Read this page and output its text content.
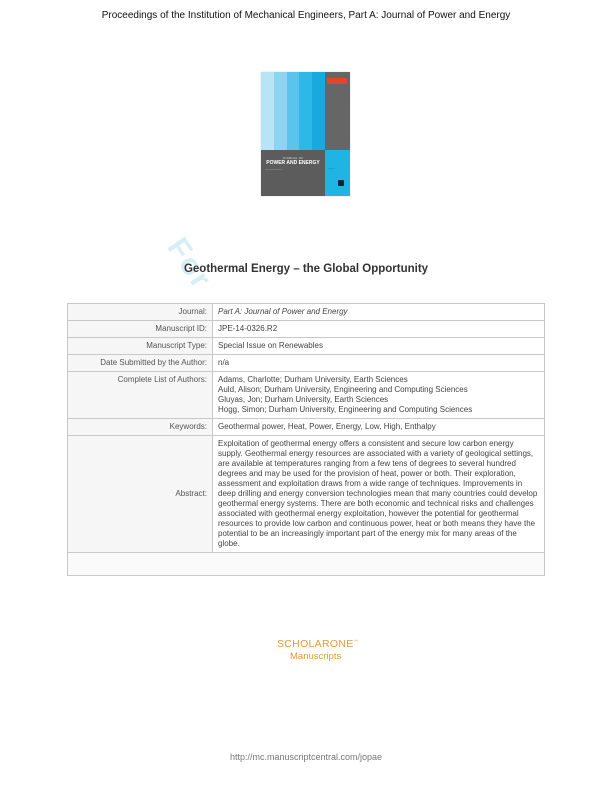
Proceedings of the Institution of Mechanical Engineers, Part A: Journal of Power and Energy
JOURNAL OF
POWER AND ENERGY
────────────	─────
For
Geothermal Energy – the Global Opportunity
Journal:	Part A: Journal of Power and Energy
Manuscript ID:	JPE-14-0326.R2
Manuscript Type:	Special Issue on Renewables
Date Submitted by the Author:	n/a
Complete List of Authors:	Adams, Charlotte; Durham University, Earth Sciences
Auld, Alison; Durham University, Engineering and Computing Sciences
Gluyas, Jon; Durham University, Earth Sciences
Hogg, Simon; Durham University, Engineering and Computing Sciences

Keywords:	Geothermal power, Heat, Power, Energy, Low, High, Enthalpy
Abstract:	Exploitation of geothermal energy offers a consistent and secure low carbon energy supply. Geothermal energy resources are associated with a variety of geological settings, are available at temperatures ranging from a few tens of degrees to several hundred degrees and may be used for the provision of heat, power or both. Their exploration, assessment and exploitation draws from a wide range of techniques. Improvements in deep drilling and energy conversion technologies mean that many countries could develop geothermal energy systems. There are both economic and technical risks and challenges associated with geothermal energy exploitation, however the potential for geothermal resources to provide low carbon and continuous power, heat or both means they have the potential to be an increasingly important part of the energy mix for many areas of the globe.

SCHOLARONE™
Manuscripts
http://mc.manuscriptcentral.com/jopae
